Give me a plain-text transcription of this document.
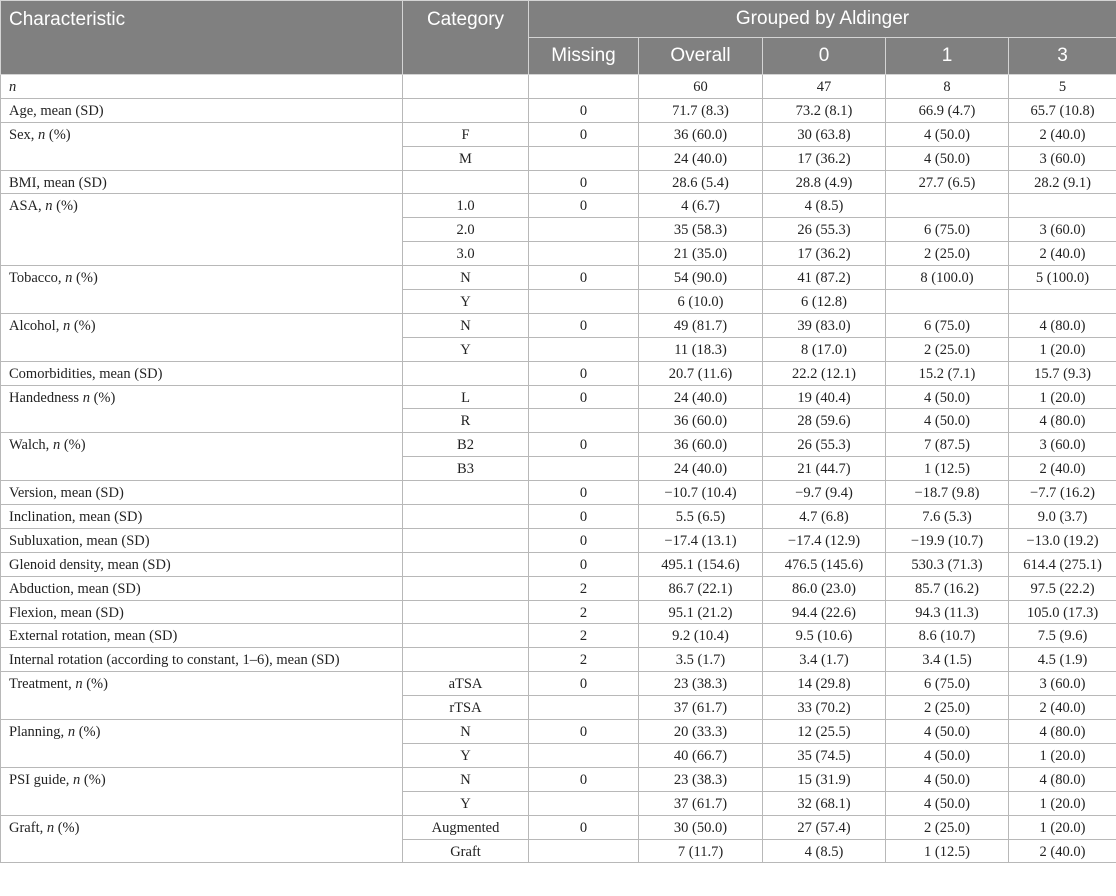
Characteristic	Category	Grouped by Aldinger				
		Missing	Overall	0	1	3
n			60	47	8	5
Age, mean (SD)		0	71.7 (8.3)	73.2 (8.1)	66.9 (4.7)	65.7 (10.8)
Sex, n (%)	F	0	36 (60.0)	30 (63.8)	4 (50.0)	2 (40.0)
	M		24 (40.0)	17 (36.2)	4 (50.0)	3 (60.0)
BMI, mean (SD)		0	28.6 (5.4)	28.8 (4.9)	27.7 (6.5)	28.2 (9.1)
ASA, n (%)	1.0	0	4 (6.7)	4 (8.5)		
	2.0		35 (58.3)	26 (55.3)	6 (75.0)	3 (60.0)
	3.0		21 (35.0)	17 (36.2)	2 (25.0)	2 (40.0)
Tobacco, n (%)	N	0	54 (90.0)	41 (87.2)	8 (100.0)	5 (100.0)
	Y		6 (10.0)	6 (12.8)		
Alcohol, n (%)	N	0	49 (81.7)	39 (83.0)	6 (75.0)	4 (80.0)
	Y		11 (18.3)	8 (17.0)	2 (25.0)	1 (20.0)
Comorbidities, mean (SD)		0	20.7 (11.6)	22.2 (12.1)	15.2 (7.1)	15.7 (9.3)
Handedness n (%)	L	0	24 (40.0)	19 (40.4)	4 (50.0)	1 (20.0)
	R		36 (60.0)	28 (59.6)	4 (50.0)	4 (80.0)
Walch, n (%)	B2	0	36 (60.0)	26 (55.3)	7 (87.5)	3 (60.0)
	B3		24 (40.0)	21 (44.7)	1 (12.5)	2 (40.0)
Version, mean (SD)		0	−10.7 (10.4)	−9.7 (9.4)	−18.7 (9.8)	−7.7 (16.2)
Inclination, mean (SD)		0	5.5 (6.5)	4.7 (6.8)	7.6 (5.3)	9.0 (3.7)
Subluxation, mean (SD)		0	−17.4 (13.1)	−17.4 (12.9)	−19.9 (10.7)	−13.0 (19.2)
Glenoid density, mean (SD)		0	495.1 (154.6)	476.5 (145.6)	530.3 (71.3)	614.4 (275.1)
Abduction, mean (SD)		2	86.7 (22.1)	86.0 (23.0)	85.7 (16.2)	97.5 (22.2)
Flexion, mean (SD)		2	95.1 (21.2)	94.4 (22.6)	94.3 (11.3)	105.0 (17.3)
External rotation, mean (SD)		2	9.2 (10.4)	9.5 (10.6)	8.6 (10.7)	7.5 (9.6)
Internal rotation (according to constant, 1–6), mean (SD)		2	3.5 (1.7)	3.4 (1.7)	3.4 (1.5)	4.5 (1.9)
Treatment, n (%)	aTSA	0	23 (38.3)	14 (29.8)	6 (75.0)	3 (60.0)
	rTSA		37 (61.7)	33 (70.2)	2 (25.0)	2 (40.0)
Planning, n (%)	N	0	20 (33.3)	12 (25.5)	4 (50.0)	4 (80.0)
	Y		40 (66.7)	35 (74.5)	4 (50.0)	1 (20.0)
PSI guide, n (%)	N	0	23 (38.3)	15 (31.9)	4 (50.0)	4 (80.0)
	Y		37 (61.7)	32 (68.1)	4 (50.0)	1 (20.0)
Graft, n (%)	Augmented	0	30 (50.0)	27 (57.4)	2 (25.0)	1 (20.0)
	Graft		7 (11.7)	4 (8.5)	1 (12.5)	2 (40.0)
